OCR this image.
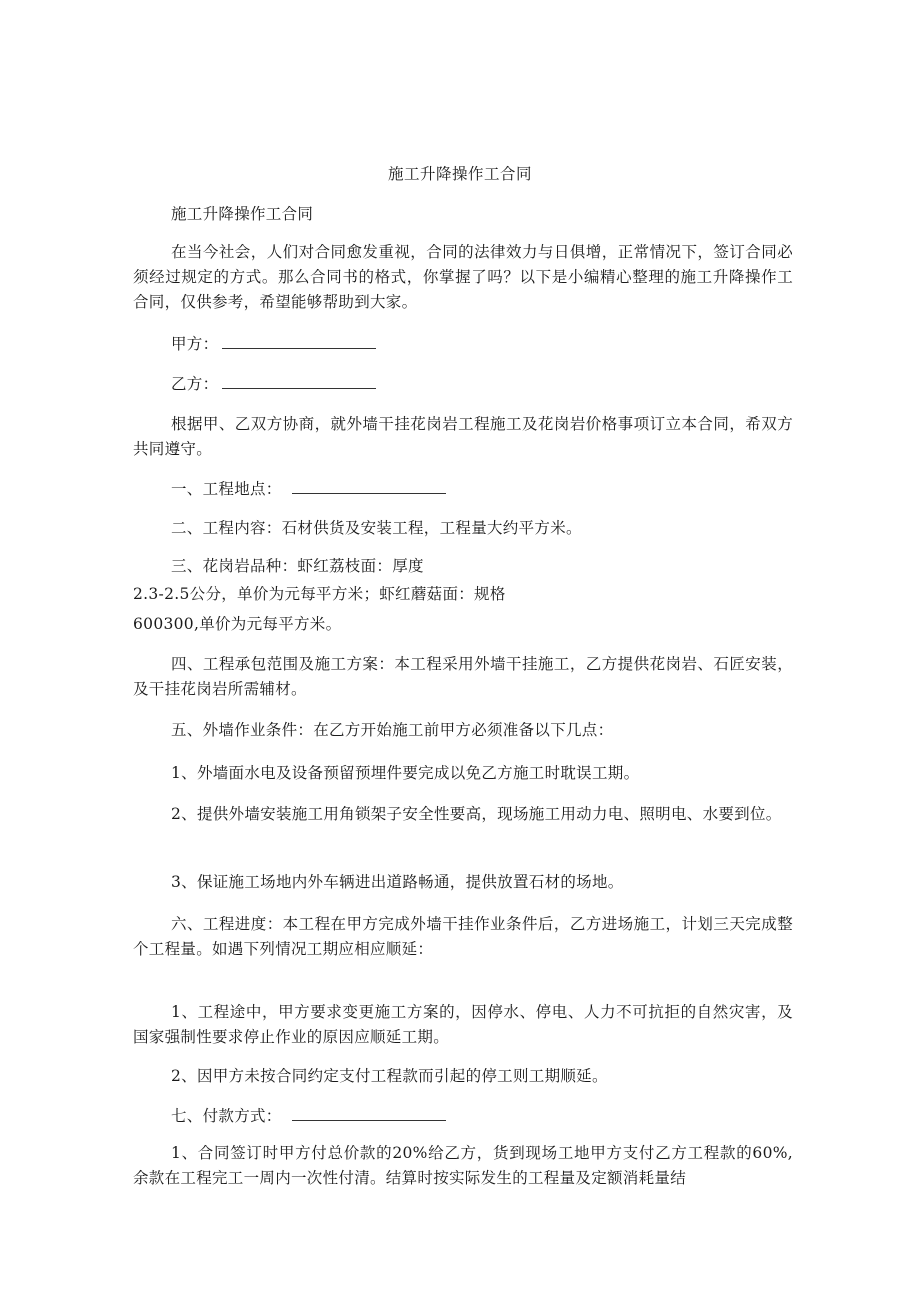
施工升降操作工合同
施工升降操作工合同
在当今社会，人们对合同愈发重视，合同的法律效力与日俱增，正常情况下，签订合同必须经过规定的方式。那么合同书的格式，你掌握了吗？以下是小编精心整理的施工升降操作工合同，仅供参考，希望能够帮助到大家。
甲方：
乙方：
根据甲、乙双方协商，就外墙干挂花岗岩工程施工及花岗岩价格事项订立本合同，希双方共同遵守。
一、工程地点：
二、工程内容：石材供货及安装工程，工程量大约平方米。
三、花岗岩品种：虾红荔枝面：厚度
2.3-2.5公分，单价为元每平方米；虾红蘑菇面：规格
600300,单价为元每平方米。
四、工程承包范围及施工方案：本工程采用外墙干挂施工，乙方提供花岗岩、石匠安装，及干挂花岗岩所需辅材。
五、外墙作业条件：在乙方开始施工前甲方必须准备以下几点：
1、外墙面水电及设备预留预埋件要完成以免乙方施工时耽误工期。
2、提供外墙安装施工用角锁架子安全性要高，现场施工用动力电、照明电、水要到位。
3、保证施工场地内外车辆进出道路畅通，提供放置石材的场地。
六、工程进度：本工程在甲方完成外墙干挂作业条件后，乙方进场施工，计划三天完成整个工程量。如遇下列情况工期应相应顺延：
1、工程途中，甲方要求变更施工方案的，因停水、停电、人力不可抗拒的自然灾害，及国家强制性要求停止作业的原因应顺延工期。
2、因甲方未按合同约定支付工程款而引起的停工则工期顺延。
七、付款方式：
1、合同签订时甲方付总价款的20%给乙方，货到现场工地甲方支付乙方工程款的60%,余款在工程完工一周内一次性付清。结算时按实际发生的工程量及定额消耗量结
